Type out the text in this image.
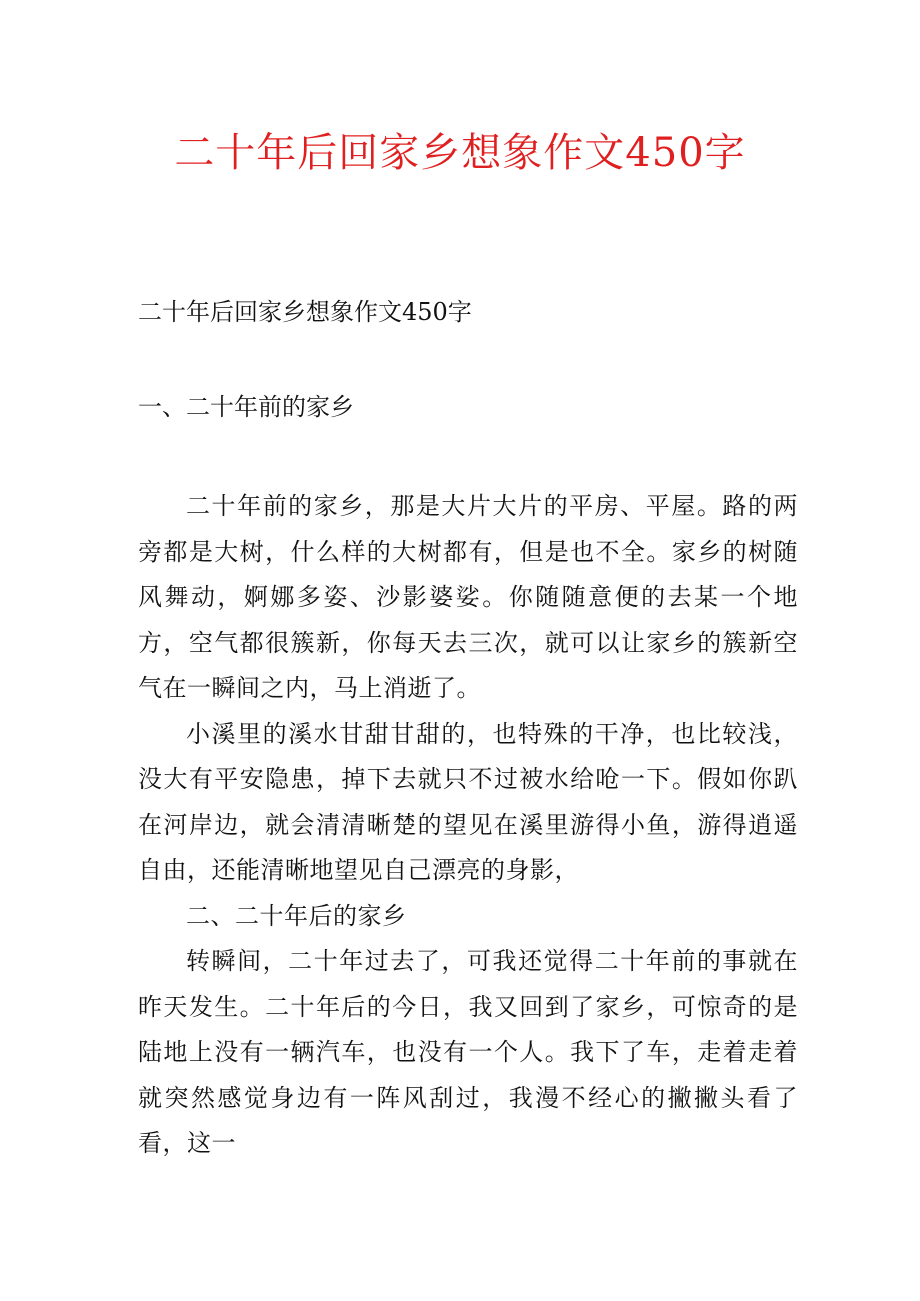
二十年后回家乡想象作文450字

二十年后回家乡想象作文450字

一、二十年前的家乡

二十年前的家乡，那是大片大片的平房、平屋。路的两旁都是大树，什么样的大树都有，但是也不全。家乡的树随风舞动，婀娜多姿、沙影婆娑。你随随意便的去某一个地方，空气都很簇新，你每天去三次，就可以让家乡的簇新空气在一瞬间之内，马上消逝了。

小溪里的溪水甘甜甘甜的，也特殊的干净，也比较浅，没大有平安隐患，掉下去就只不过被水给呛一下。假如你趴在河岸边，就会清清晰楚的望见在溪里游得小鱼，游得逍遥自由，还能清晰地望见自己漂亮的身影，

二、二十年后的家乡

转瞬间，二十年过去了，可我还觉得二十年前的事就在昨天发生。二十年后的今日，我又回到了家乡，可惊奇的是陆地上没有一辆汽车，也没有一个人。我下了车，走着走着就突然感觉身边有一阵风刮过，我漫不经心的撇撇头看了看，这一
